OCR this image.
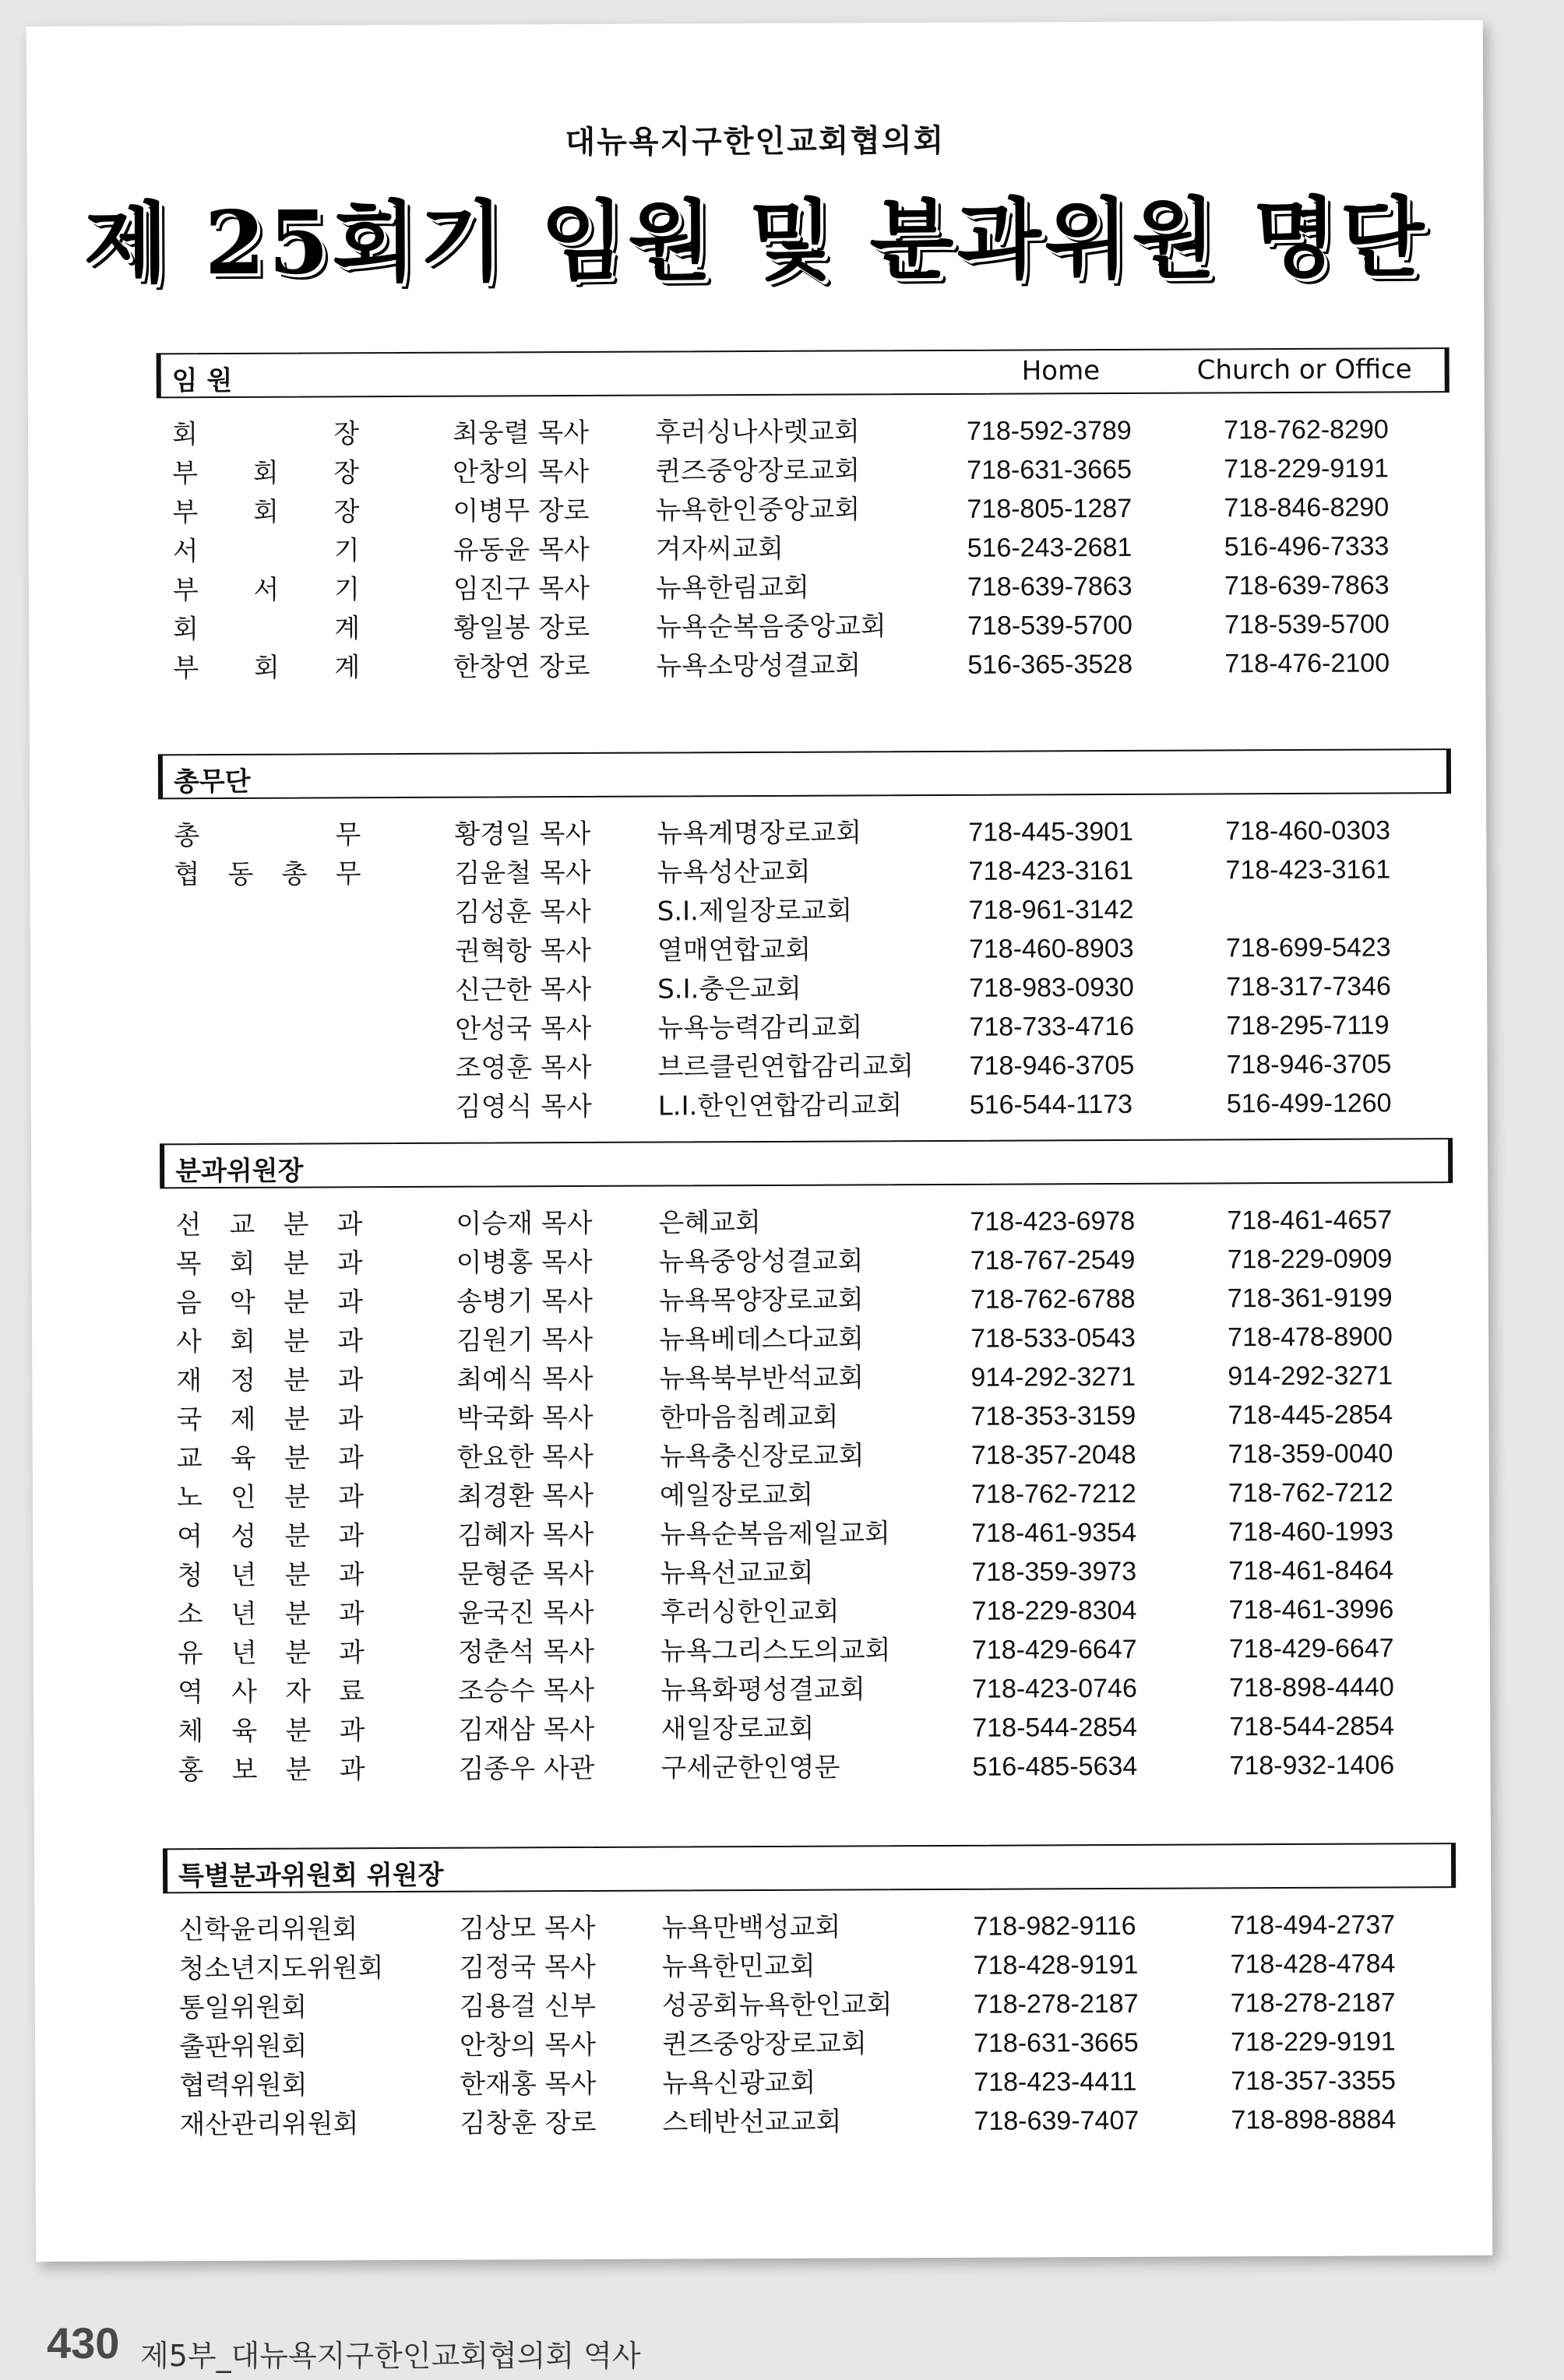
대뉴욕지구한인교회협의회
제 25회기 임원 및 분과위원 명단
임 원	Home	Church or Office
회	장	최웅렬 목사 후러싱나사렛교회	718-592-3789	718-762-8290
부 회 장	안창의 목사 퀸즈중앙장로교회	718-631-3665	718-229-9191
부 회 장	이병무 장로 뉴욕한인중앙교회	718-805-1287	718-846-8290
서	기	유동윤 목사 겨자씨교회	516-243-2681	516-496-7333
부 서 기	임진구 목사 뉴욕한림교회	718-639-7863	718-639-7863
회	계	황일봉 장로 뉴욕순복음중앙교회	718-539-5700	718-539-5700
부 회 계	한창연 장로 뉴욕소망성결교회	516-365-3528	718-476-2100
총무단
총	무	황경일 목사 뉴욕계명장로교회	718-445-3901	718-460-0303
협 동 총 무	김윤철 목사 뉴욕성산교회	718-423-3161	718-423-3161
김성훈 목사 S.I.제일장로교회	718-961-3142
권혁항 목사 열매연합교회	718-460-8903	718-699-5423
신근한 목사 S.I.충은교회	718-983-0930	718-317-7346
안성국 목사 뉴욕능력감리교회	718-733-4716	718-295-7119
조영훈 목사 브르클린연합감리교회 718-946-3705	718-946-3705
김영식 목사 L.I.한인연합감리교회	516-544-1173	516-499-1260
분과위원장
선 교 분 과	이승재 목사 은혜교회	718-423-6978	718-461-4657
목 회 분 과	이병홍 목사 뉴욕중앙성결교회	718-767-2549	718-229-0909
음 악 분 과	송병기 목사 뉴욕목양장로교회	718-762-6788	718-361-9199
사 회 분 과	김원기 목사 뉴욕베데스다교회	718-533-0543	718-478-8900
재 정 분 과	최예식 목사 뉴욕북부반석교회	914-292-3271	914-292-3271
국 제 분 과	박국화 목사 한마음침례교회	718-353-3159	718-445-2854
교 육 분 과	한요한 목사 뉴욕충신장로교회	718-357-2048	718-359-0040
노 인 분 과	최경환 목사 예일장로교회	718-762-7212	718-762-7212
여 성 분 과	김혜자 목사 뉴욕순복음제일교회	718-461-9354	718-460-1993
청 년 분 과	문형준 목사 뉴욕선교교회	718-359-3973	718-461-8464
소 년 분 과	윤국진 목사 후러싱한인교회	718-229-8304	718-461-3996
유 년 분 과	정춘석 목사 뉴욕그리스도의교회	718-429-6647	718-429-6647
역 사 자 료	조승수 목사 뉴욕화평성결교회	718-423-0746	718-898-4440
체 육 분 과	김재삼 목사 새일장로교회	718-544-2854	718-544-2854
홍 보 분 과	김종우 사관 구세군한인영문	516-485-5634	718-932-1406
특별분과위원회 위원장
신학윤리위원회	김상모 목사 뉴욕만백성교회	718-982-9116	718-494-2737
청소년지도위원회	김정국 목사 뉴욕한민교회	718-428-9191	718-428-4784
통일위원회	김용걸 신부 성공회뉴욕한인교회	718-278-2187	718-278-2187
출판위원회	안창의 목사 퀸즈중앙장로교회	718-631-3665	718-229-9191
협력위원회	한재홍 목사 뉴욕신광교회	718-423-4411	718-357-3355
재산관리위원회	김창훈 장로 스테반선교교회	718-639-7407	718-898-8884
430 제5부_대뉴욕지구한인교회협의회 역사
